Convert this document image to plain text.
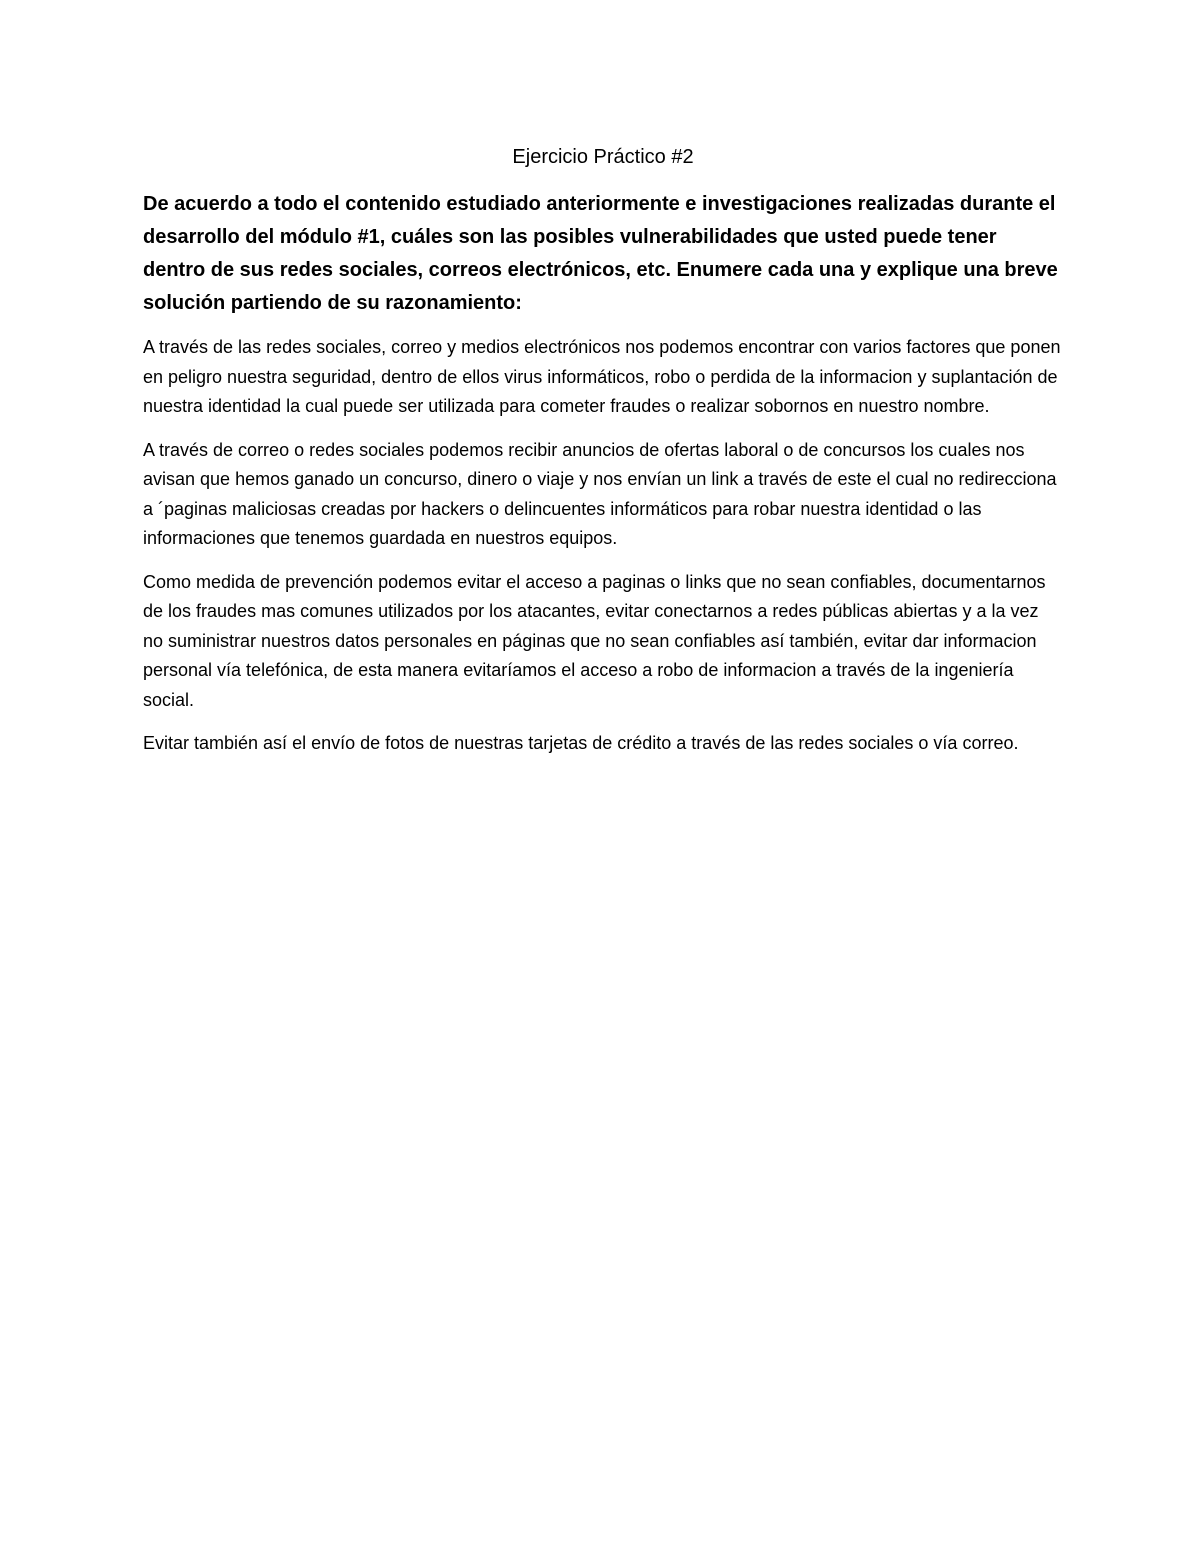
Ejercicio Práctico #2

De acuerdo a todo el contenido estudiado anteriormente e investigaciones realizadas durante el desarrollo del módulo #1, cuáles son las posibles vulnerabilidades que usted puede tener dentro de sus redes sociales, correos electrónicos, etc. Enumere cada una y explique una breve solución partiendo de su razonamiento:

A través de las redes sociales, correo y medios electrónicos nos podemos encontrar con varios factores que ponen en peligro nuestra seguridad, dentro de ellos virus informáticos, robo o perdida de la informacion y suplantación de nuestra identidad la cual puede ser utilizada para cometer fraudes o realizar sobornos en nuestro nombre.

A través de correo o redes sociales podemos recibir anuncios de ofertas laboral o de concursos los cuales nos avisan que hemos ganado un concurso, dinero o viaje y nos envían un link a través de este el cual no redirecciona a ´paginas maliciosas creadas por hackers o delincuentes informáticos para robar nuestra identidad o las informaciones que tenemos guardada en nuestros equipos.

Como medida de prevención podemos evitar el acceso a paginas o links que no sean confiables, documentarnos de los fraudes mas comunes utilizados por los atacantes, evitar conectarnos a redes públicas abiertas y a la vez no suministrar nuestros datos personales en páginas que no sean confiables así también, evitar dar informacion personal vía telefónica, de esta manera evitaríamos el acceso a robo de informacion a través de la ingeniería social.

Evitar también así el envío de fotos de nuestras tarjetas de crédito a través de las redes sociales o vía correo.
